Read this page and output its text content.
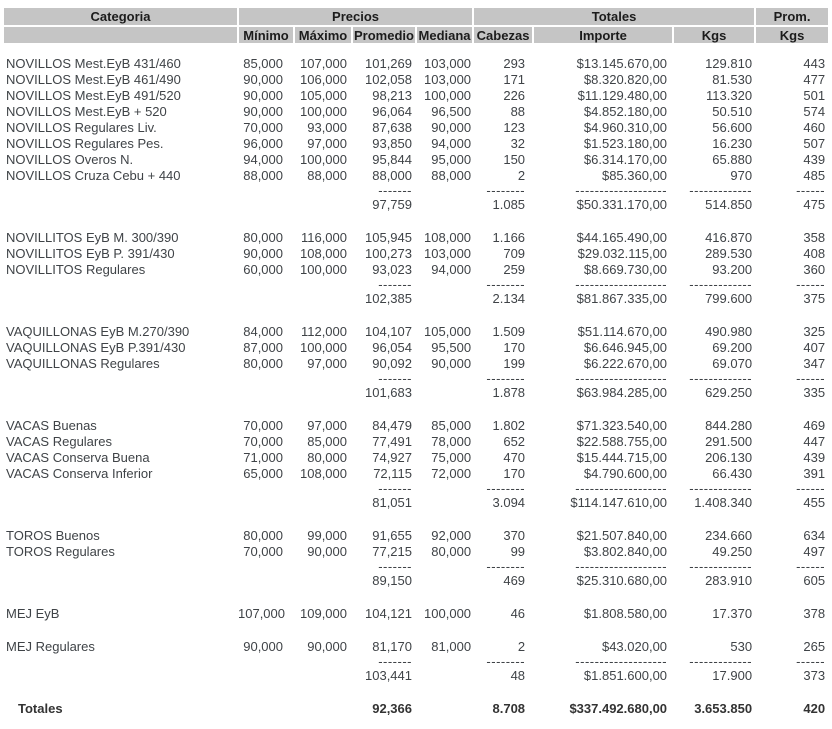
Categoria	Precios				Totales			Prom.
	Mínimo	Máximo	Promedio	Mediana	Cabezas	Importe	Kgs	Kgs

NOVILLOS Mest.EyB 431/460	85,000	107,000	101,269	103,000	293	$13.145.670,00	129.810	443
NOVILLOS Mest.EyB 461/490	90,000	106,000	102,058	103,000	171	$8.320.820,00	81.530	477
NOVILLOS Mest.EyB 491/520	90,000	105,000	98,213	100,000	226	$11.129.480,00	113.320	501
NOVILLOS Mest.EyB + 520	90,000	100,000	96,064	96,500	88	$4.852.180,00	50.510	574
NOVILLOS Regulares Liv.	70,000	93,000	87,638	90,000	123	$4.960.310,00	56.600	460
NOVILLOS Regulares Pes.	96,000	97,000	93,850	94,000	32	$1.523.180,00	16.230	507
NOVILLOS Overos N.	94,000	100,000	95,844	95,000	150	$6.314.170,00	65.880	439
NOVILLOS Cruza Cebu + 440	88,000	88,000	88,000	88,000	2	$85.360,00	970	485
			-------		--------	-------------------	-------------	------
			97,759		1.085	$50.331.170,00	514.850	475

NOVILLITOS EyB M. 300/390	80,000	116,000	105,945	108,000	1.166	$44.165.490,00	416.870	358
NOVILLITOS EyB P. 391/430	90,000	108,000	100,273	103,000	709	$29.032.115,00	289.530	408
NOVILLITOS Regulares	60,000	100,000	93,023	94,000	259	$8.669.730,00	93.200	360
			-------		--------	-------------------	-------------	------
			102,385		2.134	$81.867.335,00	799.600	375

VAQUILLONAS EyB M.270/390	84,000	112,000	104,107	105,000	1.509	$51.114.670,00	490.980	325
VAQUILLONAS EyB P.391/430	87,000	100,000	96,054	95,500	170	$6.646.945,00	69.200	407
VAQUILLONAS Regulares	80,000	97,000	90,092	90,000	199	$6.222.670,00	69.070	347
			-------		--------	-------------------	-------------	------
			101,683		1.878	$63.984.285,00	629.250	335

VACAS Buenas	70,000	97,000	84,479	85,000	1.802	$71.323.540,00	844.280	469
VACAS Regulares	70,000	85,000	77,491	78,000	652	$22.588.755,00	291.500	447
VACAS Conserva Buena	71,000	80,000	74,927	75,000	470	$15.444.715,00	206.130	439
VACAS Conserva Inferior	65,000	108,000	72,115	72,000	170	$4.790.600,00	66.430	391
			-------		--------	-------------------	-------------	------
			81,051		3.094	$114.147.610,00	1.408.340	455

TOROS Buenos	80,000	99,000	91,655	92,000	370	$21.507.840,00	234.660	634
TOROS Regulares	70,000	90,000	77,215	80,000	99	$3.802.840,00	49.250	497
			-------		--------	-------------------	-------------	------
			89,150		469	$25.310.680,00	283.910	605

MEJ EyB	107,000	109,000	104,121	100,000	46	$1.808.580,00	17.370	378

MEJ Regulares	90,000	90,000	81,170	81,000	2	$43.020,00	530	265
			-------		--------	-------------------	-------------	------
			103,441		48	$1.851.600,00	17.900	373

Totales			92,366		8.708	$337.492.680,00	3.653.850	420
